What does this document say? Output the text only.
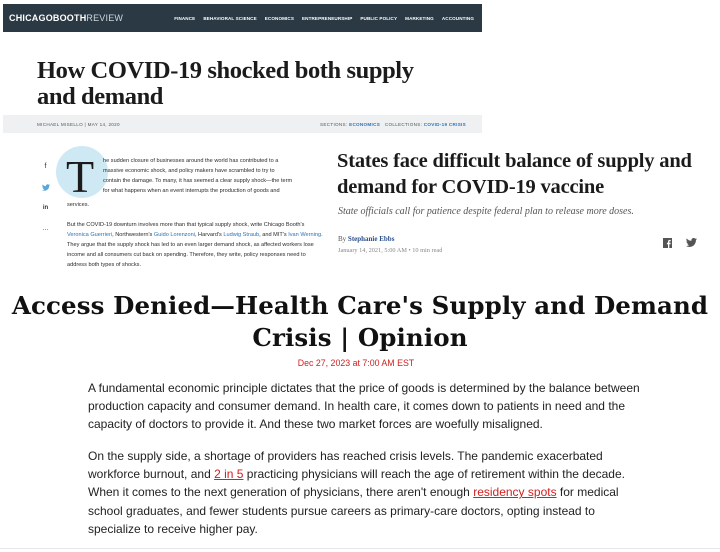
CHICAGOBOOTHREVIEW	FINANCE	BEHAVIORAL SCIENCE	ECONOMICS	ENTREPRENEURSHIP	PUBLIC POLICY	MARKETING	ACCOUNTING
How COVID-19 shocked both supply and demand
MICHAEL MISELLO | MAY 14, 2020	SECTIONS: ECONOMICS COLLECTIONS: COVID-19 CRISIS
f
in
…
T he sudden closure of businesses around the world has contributed to a
massive economic shock, and policy makers have scrambled to try to
contain the damage. To many, it has seemed a clear supply shock—the term
for what happens when an event interrupts the production of goods and

services.

But the COVID-19 downturn involves more than that typical supply shock, write Chicago Booth's Veronica Guerrieri, Northwestern's Guido Lorenzoni, Harvard's Ludwig Straub, and MIT's Ivan Werning. They argue that the supply shock has led to an even larger demand shock, as affected workers lose income and all consumers cut back on spending. Therefore, they write, policy responses need to address both types of shocks.

States face difficult balance of supply and demand for COVID-19 vaccine
State officials call for patience despite federal plan to release more doses.
By Stephanie Ebbs
January 14, 2021, 5:00 AM • 10 min read
Access Denied—Health Care's Supply and Demand Crisis | Opinion
Dec 27, 2023 at 7:00 AM EST

A fundamental economic principle dictates that the price of goods is determined by the balance between production capacity and consumer demand. In health care, it comes down to patients in need and the capacity of doctors to provide it. And these two market forces are woefully misaligned.

On the supply side, a shortage of providers has reached crisis levels. The pandemic exacerbated workforce burnout, and 2 in 5 practicing physicians will reach the age of retirement within the decade. When it comes to the next generation of physicians, there aren't enough residency spots for medical school graduates, and fewer students pursue careers as primary-care doctors, opting instead to specialize to receive higher pay.
